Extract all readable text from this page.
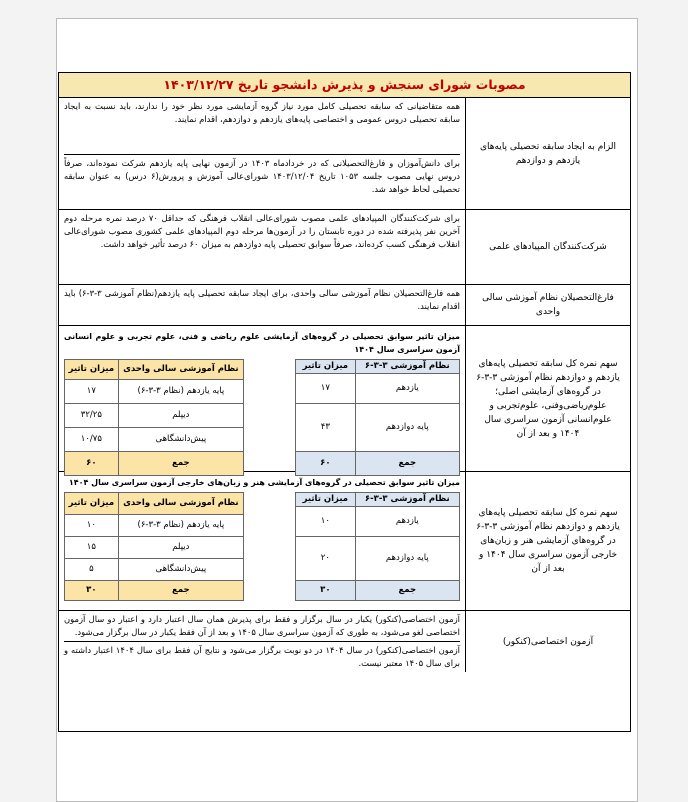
مصوبات شورای سنجش و پذیرش دانشجو تاریخ ۱۴۰۳/۱۲/۲۷
الزام به ایجاد سابقه تحصیلی پایه‌های یازدهم و دوازدهم
همه متقاضیانی که سابقه تحصیلی کامل مورد نیاز گروه آزمایشی مورد نظر خود را ندارند، باید نسبت به ایجاد سابقه تحصیلی دروس عمومی و اختصاصی پایه‌های یازدهم و دوازدهم، اقدام نمایند.
برای دانش‌آموزان و فارغ‌التحصیلانی که در خردادماه ۱۴۰۳ در آزمون نهایی پایه یازدهم شرکت نموده‌اند، صرفاً دروس نهایی مصوب جلسه ۱۰۵۳ تاریخ ۱۴۰۳/۱۲/۰۴ شورای‌عالی آموزش و پرورش(۶ درس) به عنوان سابقه تحصیلی لحاظ خواهد شد.
شرکت‌کنندگان المپیادهای علمی
برای شرکت‌کنندگان المپیادهای علمی مصوب شورای‌عالی انقلاب فرهنگی که حداقل ۷۰ درصد نمره مرحله دوم آخرین نفر پذیرفته شده در دوره تابستان را در آزمون‌ها مرحله دوم المپیادهای علمی کشوری مصوب شورای‌عالی انقلاب فرهنگی کسب کرده‌اند، صرفاً سوابق تحصیلی پایه دوازدهم به میزان ۶۰ درصد تأثیر خواهد داشت.
فارغ‌التحصیلان نظام آموزشی سالی واحدی
همه فارغ‌التحصیلان نظام آموزشی سالی واحدی، برای ایجاد سابقه تحصیلی پایه یازدهم(نظام آموزشی ۳-۳-۶) باید اقدام نمایند.
سهم نمره کل سابقه تحصیلی پایه‌های یازدهم و دوازدهم نظام آموزشی ۳-۳-۶ در گروه‌های آزمایشی اصلی؛ علوم‌ریاضی‌وفنی، علوم‌تجربی و علوم‌انسانی آزمون سراسری سال ۱۴۰۴ و بعد از آن
میزان تاثیر سوابق تحصیلی در گروه‌های آزمایشی علوم ریاضی و فنی، علوم تجربی و علوم انسانی آزمون سراسری سال ۱۴۰۴
نظام آموزشی ۳-۳-۶	میزان تاثیر
یازدهم	۱۷
پایه دوازدهم	۴۳
جمع	۶۰
نظام آموزشی سالی واحدی	میزان تاثیر
پایه یازدهم (نظام ۳-۳-۶)	۱۷
دیپلم	۳۲/۲۵
پیش‌دانشگاهی	۱۰/۷۵
جمع	۶۰
سهم نمره کل سابقه تحصیلی پایه‌های یازدهم و دوازدهم نظام آموزشی ۳-۳-۶ در گروه‌های آزمایشی هنر و زبان‌های خارجی آزمون سراسری سال ۱۴۰۴ و بعد از آن
میزان تاثیر سوابق تحصیلی در گروه‌های آزمایشی هنر و زبان‌های خارجی آزمون سراسری سال ۱۴۰۴
نظام آموزشی ۳-۳-۶	میزان تاثیر
یازدهم	۱۰
پایه دوازدهم	۲۰
جمع	۳۰
نظام آموزشی سالی واحدی	میزان تاثیر
پایه یازدهم (نظام ۳-۳-۶)	۱۰
دیپلم	۱۵
پیش‌دانشگاهی	۵
جمع	۳۰
آزمون اختصاصی(کنکور)
آزمون اختصاصی(کنکور) یکبار در سال برگزار و فقط برای پذیرش همان سال اعتبار دارد و اعتبار دو سال آزمون اختصاصی لغو می‌شود، به طوری که آزمون سراسری سال ۱۴۰۵ و بعد از آن فقط یکبار در سال برگزار می‌شود.
آزمون اختصاصی(کنکور) در سال ۱۴۰۴ در دو نوبت برگزار می‌شود و نتایج آن فقط برای سال ۱۴۰۴ اعتبار داشته و برای سال ۱۴۰۵ معتبر نیست.
